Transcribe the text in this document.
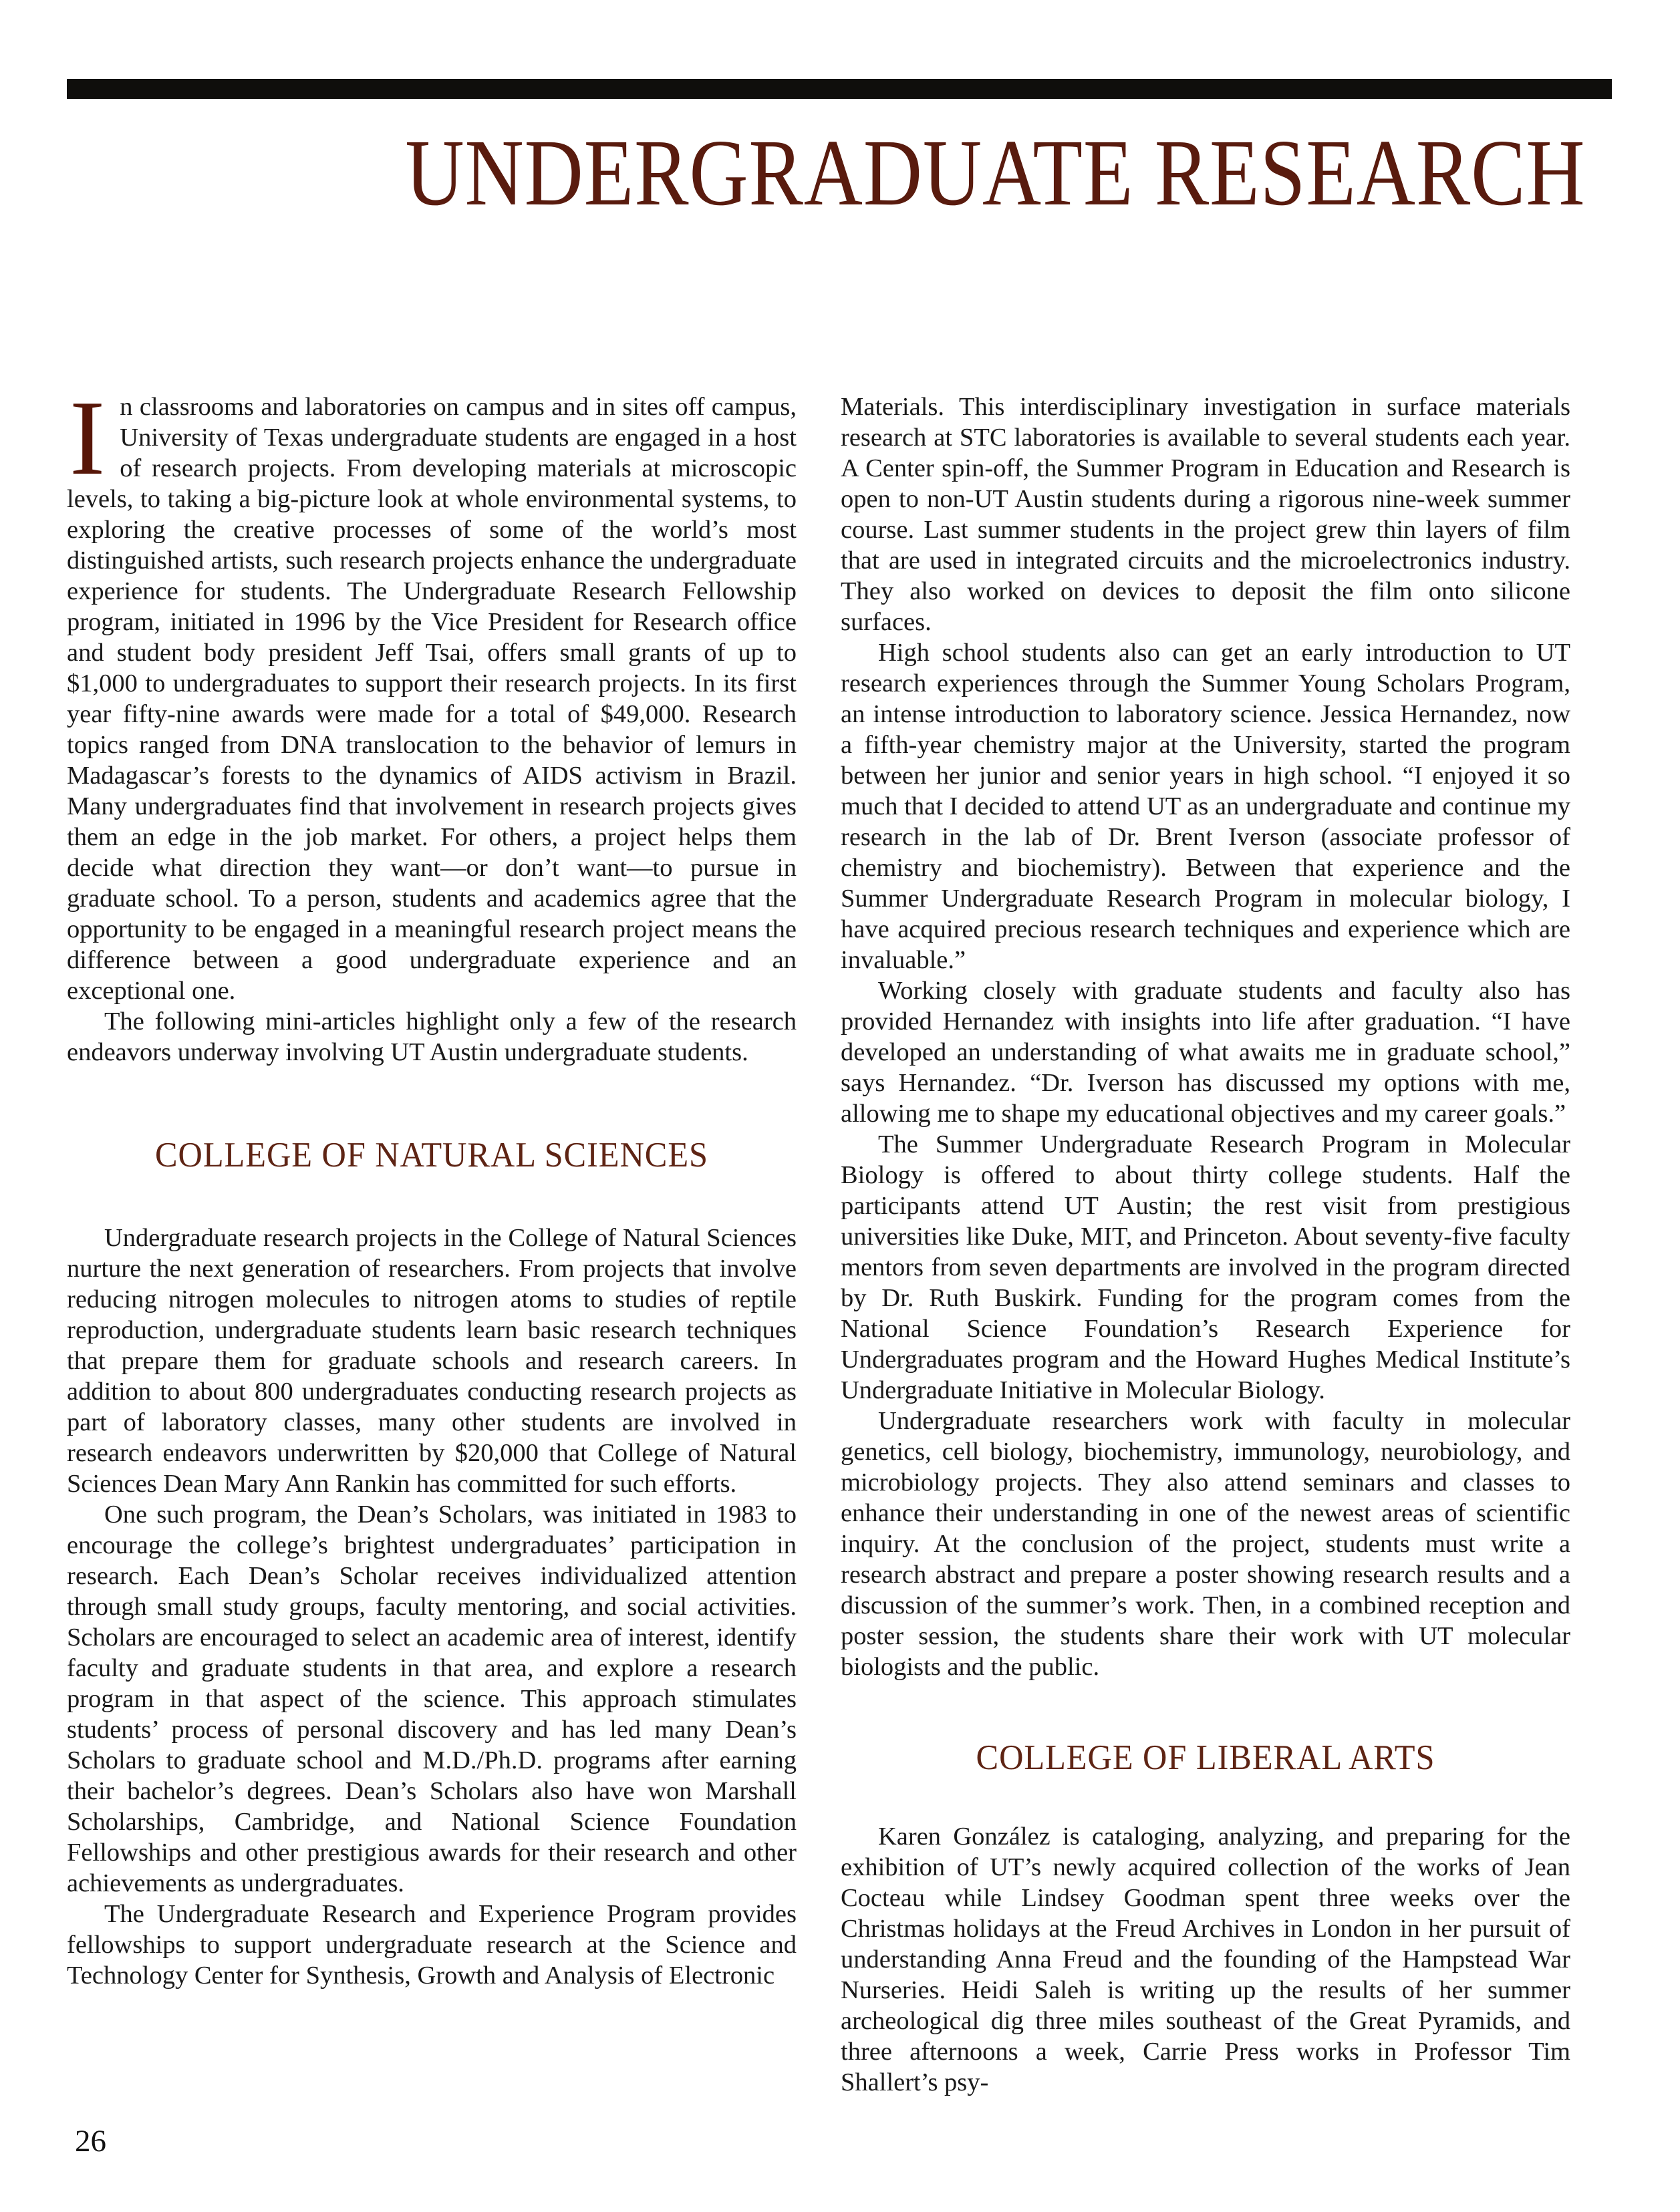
UNDERGRADUATE RESEARCH

In classrooms and laboratories on campus and in sites off campus, University of Texas undergraduate students are engaged in a host of research projects. From developing materials at microscopic levels, to taking a big-picture look at whole environmental systems, to exploring the creative processes of some of the world’s most distinguished artists, such research projects enhance the undergraduate experience for students. The Undergraduate Research Fellowship program, initiated in 1996 by the Vice President for Research office and student body president Jeff Tsai, offers small grants of up to $1,000 to undergraduates to support their research projects. In its first year fifty-nine awards were made for a total of $49,000. Research topics ranged from DNA translocation to the behavior of lemurs in Madagascar’s forests to the dynamics of AIDS activism in Brazil. Many undergraduates find that involvement in research projects gives them an edge in the job market. For others, a project helps them decide what direction they want—or don’t want—to pursue in graduate school. To a person, students and academics agree that the opportunity to be engaged in a meaningful research project means the difference between a good undergraduate experience and an exceptional one.

The following mini-articles highlight only a few of the research endeavors underway involving UT Austin undergraduate students.

COLLEGE OF NATURAL SCIENCES

Undergraduate research projects in the College of Natural Sciences nurture the next generation of researchers. From projects that involve reducing nitrogen molecules to nitrogen atoms to studies of reptile reproduction, undergraduate students learn basic research techniques that prepare them for graduate schools and research careers. In addition to about 800 undergraduates conducting research projects as part of laboratory classes, many other students are involved in research endeavors underwritten by $20,000 that College of Natural Sciences Dean Mary Ann Rankin has committed for such efforts.

One such program, the Dean’s Scholars, was initiated in 1983 to encourage the college’s brightest undergraduates’ participation in research. Each Dean’s Scholar receives individualized attention through small study groups, faculty mentoring, and social activities. Scholars are encouraged to select an academic area of interest, identify faculty and graduate students in that area, and explore a research program in that aspect of the science. This approach stimulates students’ process of personal discovery and has led many Dean’s Scholars to graduate school and M.D./Ph.D. programs after earning their bachelor’s degrees. Dean’s Scholars also have won Marshall Scholarships, Cambridge, and National Science Foundation Fellowships and other prestigious awards for their research and other achievements as undergraduates.

The Undergraduate Research and Experience Program provides fellowships to support undergraduate research at the Science and Technology Center for Synthesis, Growth and Analysis of Electronic

Materials. This interdisciplinary investigation in surface materials research at STC laboratories is available to several students each year. A Center spin-off, the Summer Program in Education and Research is open to non-UT Austin students during a rigorous nine-week summer course. Last summer students in the project grew thin layers of film that are used in integrated circuits and the microelectronics industry. They also worked on devices to deposit the film onto silicone surfaces.

High school students also can get an early introduction to UT research experiences through the Summer Young Scholars Program, an intense introduction to laboratory science. Jessica Hernandez, now a fifth-year chemistry major at the University, started the program between her junior and senior years in high school. “I enjoyed it so much that I decided to attend UT as an undergraduate and continue my research in the lab of Dr. Brent Iverson (associate professor of chemistry and biochemistry). Between that experience and the Summer Undergraduate Research Program in molecular biology, I have acquired precious research techniques and experience which are invaluable.”

Working closely with graduate students and faculty also has provided Hernandez with insights into life after graduation. “I have developed an understanding of what awaits me in graduate school,” says Hernandez. “Dr. Iverson has discussed my options with me, allowing me to shape my educational objectives and my career goals.”

The Summer Undergraduate Research Program in Molecular Biology is offered to about thirty college students. Half the participants attend UT Austin; the rest visit from prestigious universities like Duke, MIT, and Princeton. About seventy-five faculty mentors from seven departments are involved in the program directed by Dr. Ruth Buskirk. Funding for the program comes from the National Science Foundation’s Research Experience for Undergraduates program and the Howard Hughes Medical Institute’s Undergraduate Initiative in Molecular Biology.

Undergraduate researchers work with faculty in molecular genetics, cell biology, biochemistry, immunology, neurobiology, and microbiology projects. They also attend seminars and classes to enhance their understanding in one of the newest areas of scientific inquiry. At the conclusion of the project, students must write a research abstract and prepare a poster showing research results and a discussion of the summer’s work. Then, in a combined reception and poster session, the students share their work with UT molecular biologists and the public.

COLLEGE OF LIBERAL ARTS

Karen González is cataloging, analyzing, and preparing for the exhibition of UT’s newly acquired collection of the works of Jean Cocteau while Lindsey Goodman spent three weeks over the Christmas holidays at the Freud Archives in London in her pursuit of understanding Anna Freud and the founding of the Hampstead War Nurseries. Heidi Saleh is writing up the results of her summer archeological dig three miles southeast of the Great Pyramids, and three afternoons a week, Carrie Press works in Professor Tim Shallert’s psy-

26
